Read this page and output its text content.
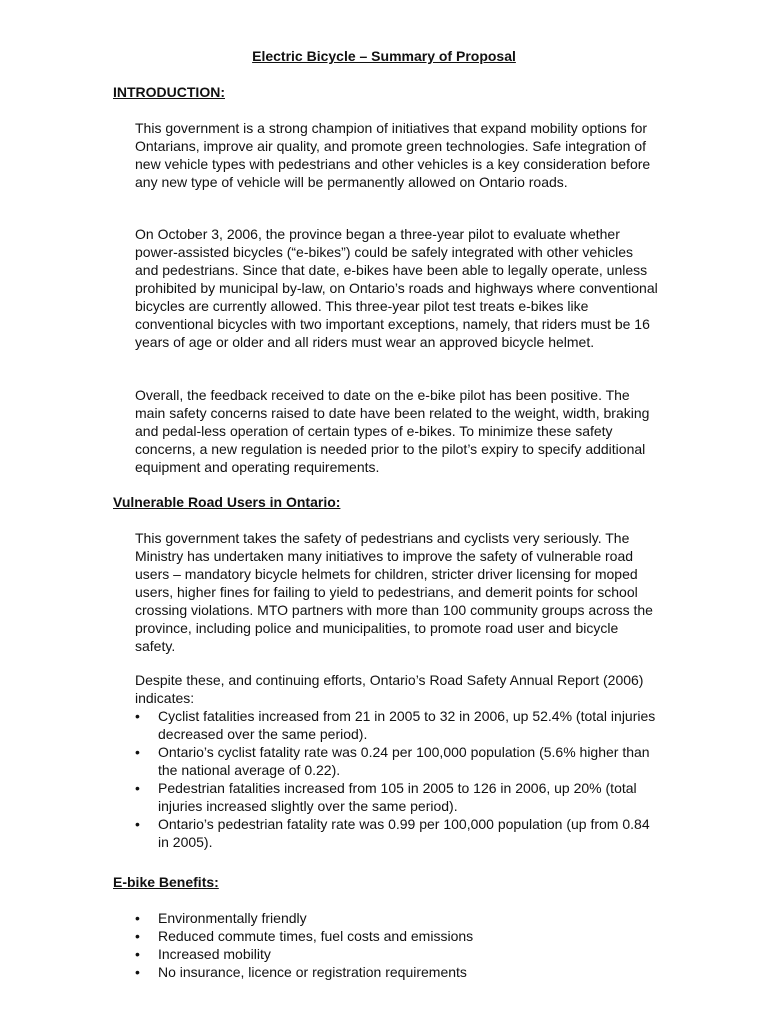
Electric Bicycle – Summary of Proposal
INTRODUCTION:

This government is a strong champion of initiatives that expand mobility options for Ontarians, improve air quality, and promote green technologies. Safe integration of new vehicle types with pedestrians and other vehicles is a key consideration before any new type of vehicle will be permanently allowed on Ontario roads.

On October 3, 2006, the province began a three-year pilot to evaluate whether power-assisted bicycles (“e-bikes”) could be safely integrated with other vehicles and pedestrians. Since that date, e-bikes have been able to legally operate, unless prohibited by municipal by-law, on Ontario’s roads and highways where conventional bicycles are currently allowed. This three-year pilot test treats e-bikes like conventional bicycles with two important exceptions, namely, that riders must be 16 years of age or older and all riders must wear an approved bicycle helmet.

Overall, the feedback received to date on the e-bike pilot has been positive. The main safety concerns raised to date have been related to the weight, width, braking and pedal-less operation of certain types of e-bikes. To minimize these safety concerns, a new regulation is needed prior to the pilot’s expiry to specify additional equipment and operating requirements.

Vulnerable Road Users in Ontario:

This government takes the safety of pedestrians and cyclists very seriously. The Ministry has undertaken many initiatives to improve the safety of vulnerable road users – mandatory bicycle helmets for children, stricter driver licensing for moped users, higher fines for failing to yield to pedestrians, and demerit points for school crossing violations. MTO partners with more than 100 community groups across the province, including police and municipalities, to promote road user and bicycle safety.

Despite these, and continuing efforts, Ontario’s Road Safety Annual Report (2006) indicates:

• Cyclist fatalities increased from 21 in 2005 to 32 in 2006, up 52.4% (total injuries decreased over the same period).
• Ontario’s cyclist fatality rate was 0.24 per 100,000 population (5.6% higher than the national average of 0.22).
• Pedestrian fatalities increased from 105 in 2005 to 126 in 2006, up 20% (total injuries increased slightly over the same period).
• Ontario’s pedestrian fatality rate was 0.99 per 100,000 population (up from 0.84 in 2005).
E-bike Benefits:
• Environmentally friendly
• Reduced commute times, fuel costs and emissions
• Increased mobility
• No insurance, licence or registration requirements
